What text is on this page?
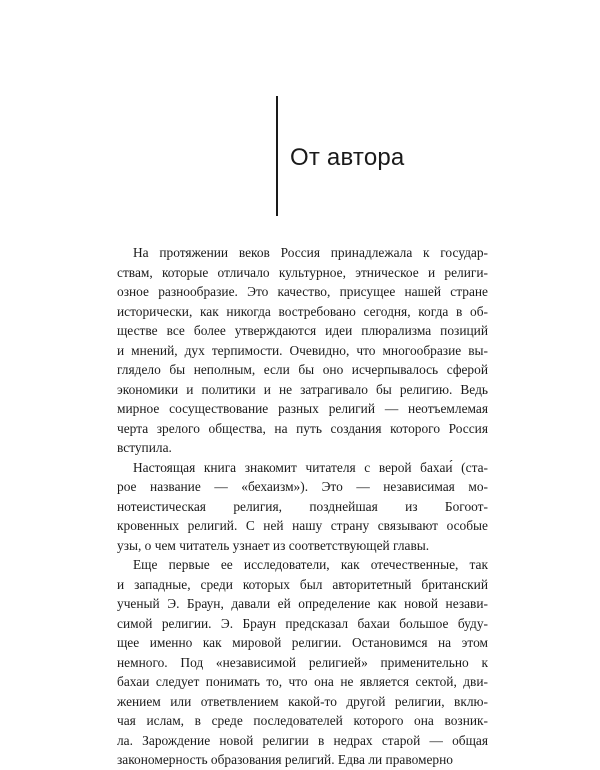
От автора
На протяжении веков Россия принадлежала к государ-
ствам, которые отличало культурное, этническое и религи-
озное разнообразие. Это качество, присущее нашей стране
исторически, как никогда востребовано сегодня, когда в об-
ществе все более утверждаются идеи плюрализма позиций
и мнений, дух терпимости. Очевидно, что многообразие вы-
глядело бы неполным, если бы оно исчерпывалось сферой
экономики и политики и не затрагивало бы религию. Ведь
мирное сосуществование разных религий — неотъемлемая
черта зрелого общества, на путь создания которого Россия
вступила.
Настоящая книга знакомит читателя с верой бахаи́ (ста-
рое название — «бехаизм»). Это — независимая мо-
нотеистическая религия, позднейшая из Богоот-
кровенных религий. С ней нашу страну связывают особые
узы, о чем читатель узнает из соответствующей главы.
Еще первые ее исследователи, как отечественные, так
и западные, среди которых был авторитетный британский
ученый Э. Браун, давали ей определение как новой незави-
симой религии. Э. Браун предсказал бахаи большое буду-
щее именно как мировой религии. Остановимся на этом
немного. Под «независимой религией» применительно к
бахаи следует понимать то, что она не является сектой, дви-
жением или ответвлением какой-то другой религии, вклю-
чая ислам, в среде последователей которого она возник-
ла. Зарождение новой религии в недрах старой — общая
закономерность образования религий. Едва ли правомерно
